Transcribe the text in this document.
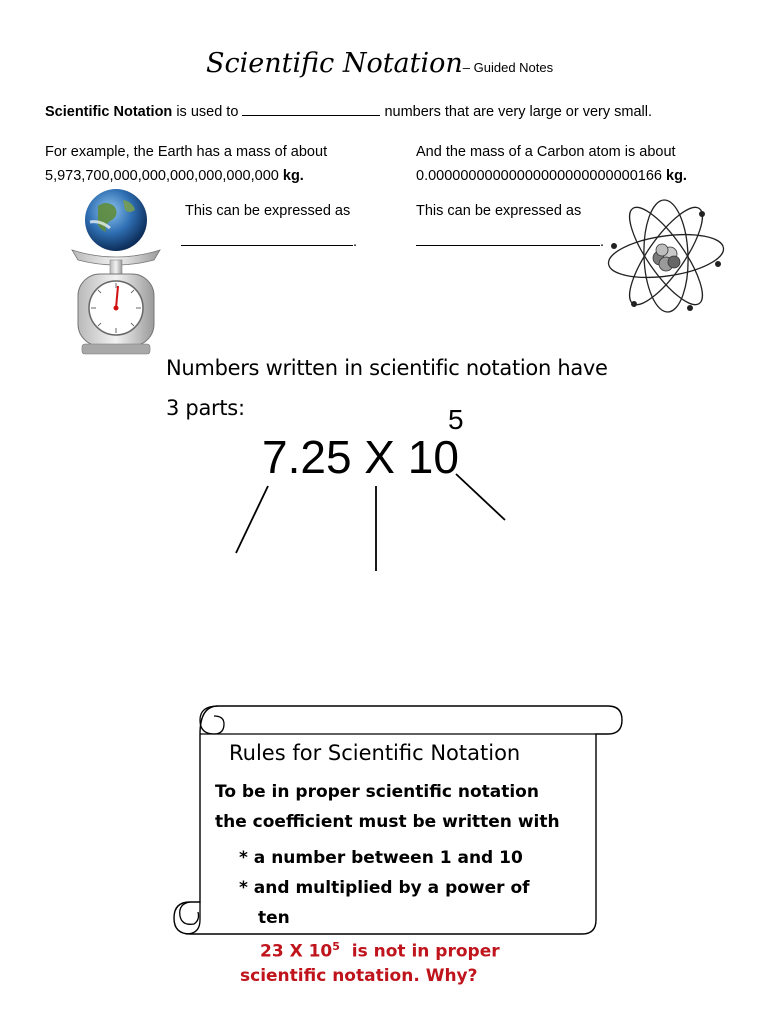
Scientific Notation– Guided Notes
Scientific Notation is used to	numbers that are very large or very small.
For example, the Earth has a mass of about
5,973,700,000,000,000,000,000,000 kg.
This can be expressed as
.
And the mass of a Carbon atom is about
0.00000000000000000000000000166 kg.
This can be expressed as
.
Numbers written in scientific notation have
3 parts:
7.25 X 10
5
Rules for Scientific Notation
To be in proper scientific notation
the coefficient must be written with
* a number between 1 and 10
* and multiplied by a power of
ten
23 X $10^5$  is not in proper
scientific notation. Why?
